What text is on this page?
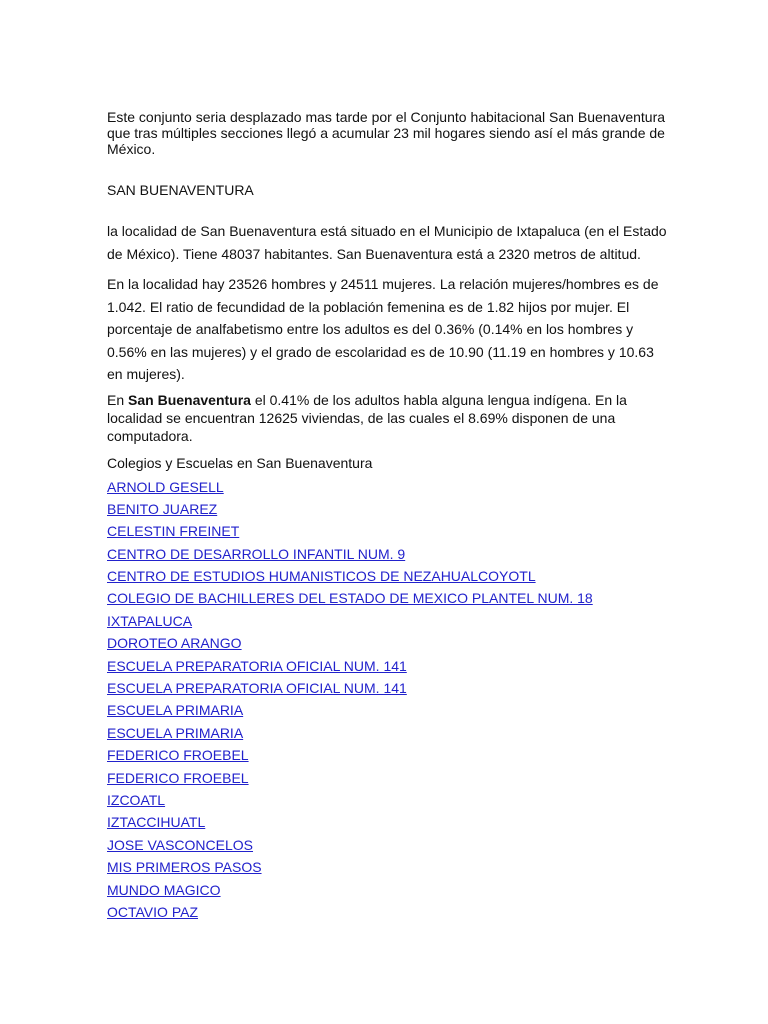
Este conjunto seria desplazado mas tarde por el Conjunto habitacional San Buenaventura que tras múltiples secciones llegó a acumular 23 mil hogares siendo así el más grande de México.

SAN BUENAVENTURA

la localidad de San Buenaventura está situado en el Municipio de Ixtapaluca (en el Estado de México). Tiene 48037 habitantes. San Buenaventura está a 2320 metros de altitud.

En la localidad hay 23526 hombres y 24511 mujeres. La relación mujeres/hombres es de 1.042. El ratio de fecundidad de la población femenina es de 1.82 hijos por mujer. El porcentaje de analfabetismo entre los adultos es del 0.36% (0.14% en los hombres y 0.56% en las mujeres) y el grado de escolaridad es de 10.90 (11.19 en hombres y 10.63 en mujeres).

En San Buenaventura el 0.41% de los adultos habla alguna lengua indígena. En la localidad se encuentran 12625 viviendas, de las cuales el 8.69% disponen de una computadora.

Colegios y Escuelas en San Buenaventura

ARNOLD GESELL
BENITO JUAREZ
CELESTIN FREINET
CENTRO DE DESARROLLO INFANTIL NUM. 9
CENTRO DE ESTUDIOS HUMANISTICOS DE NEZAHUALCOYOTL
COLEGIO DE BACHILLERES DEL ESTADO DE MEXICO PLANTEL NUM. 18
IXTAPALUCA
DOROTEO ARANGO
ESCUELA PREPARATORIA OFICIAL NUM. 141
ESCUELA PREPARATORIA OFICIAL NUM. 141
ESCUELA PRIMARIA
ESCUELA PRIMARIA
FEDERICO FROEBEL
FEDERICO FROEBEL
IZCOATL
IZTACCIHUATL
JOSE VASCONCELOS
MIS PRIMEROS PASOS
MUNDO MAGICO
OCTAVIO PAZ
